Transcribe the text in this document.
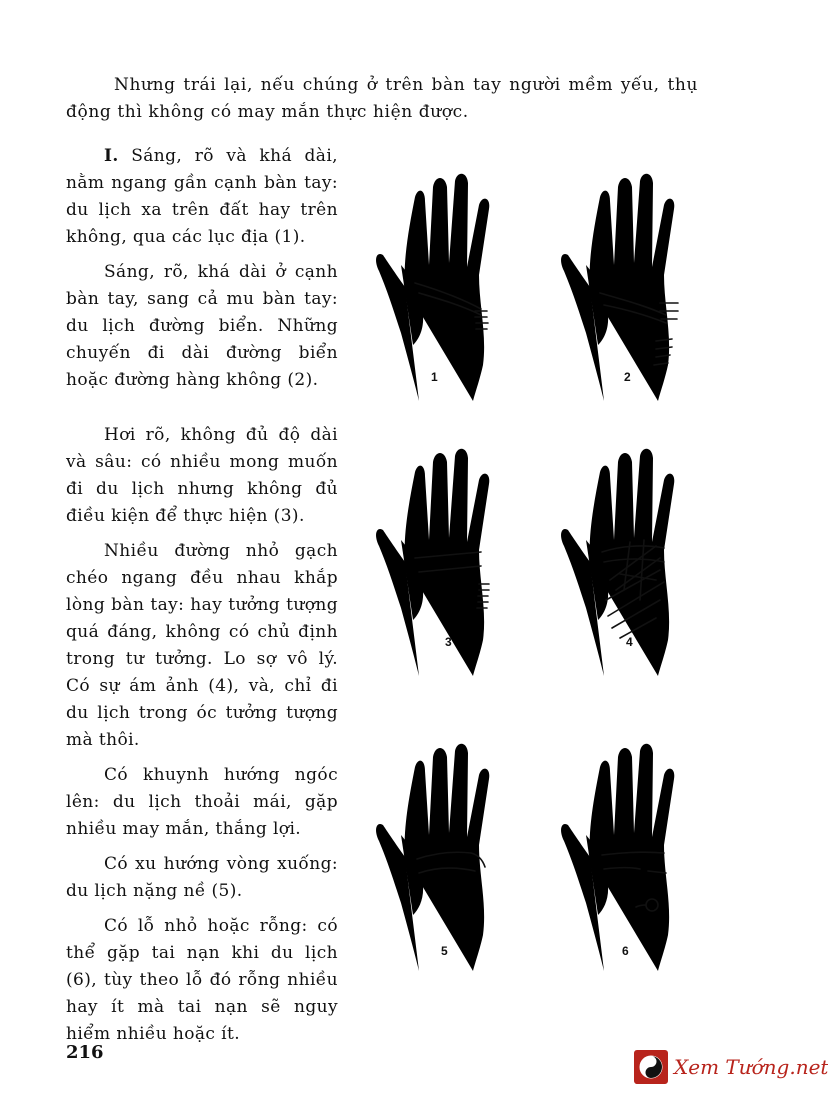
Nhưng trái lại, nếu chúng ở trên bàn tay người mềm yếu, thụ động thì không có may mắn thực hiện được.

I. Sáng, rõ và khá dài, nằm ngang gần cạnh bàn tay: du lịch xa trên đất hay trên không, qua các lục địa (1).

Sáng, rõ, khá dài ở cạnh bàn tay, sang cả mu bàn tay: du lịch đường biển. Những chuyến đi dài đường biển hoặc đường hàng không (2).

Hơi rõ, không đủ độ dài và sâu: có nhiều mong muốn đi du lịch nhưng không đủ điều kiện để thực hiện (3).

Nhiều đường nhỏ gạch chéo ngang đều nhau khắp lòng bàn tay: hay tưởng tượng quá đáng, không có chủ định trong tư tưởng. Lo sợ vô lý. Có sự ám ảnh (4), và, chỉ đi du lịch trong óc tưởng tượng mà thôi.

Có khuynh hướng ngóc lên: du lịch thoải mái, gặp nhiều may mắn, thắng lợi.

Có xu hướng vòng xuống: du lịch nặng nề (5).

Có lỗ nhỏ hoặc rỗng: có thể gặp tai nạn khi du lịch (6), tùy theo lỗ đó rỗng nhiều hay ít mà tai nạn sẽ nguy hiểm nhiều hoặc ít.

1	2
3	4
5	6
216
Xem Tướng.net
